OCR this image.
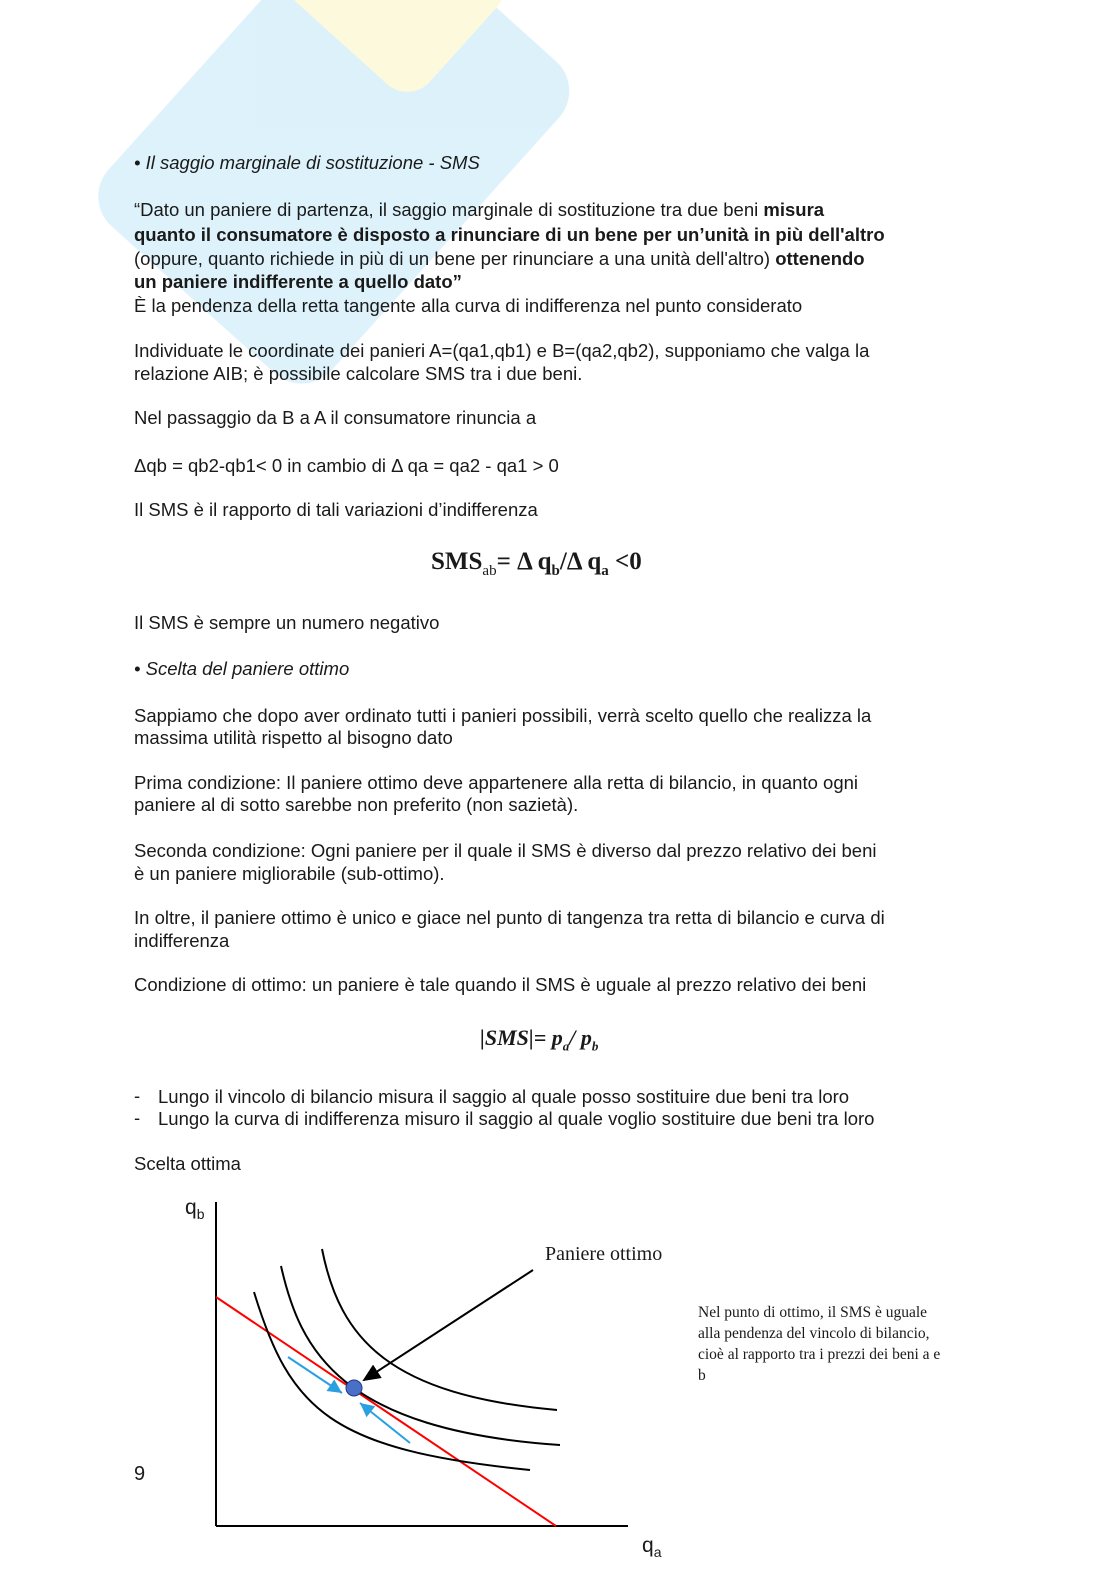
• Il saggio marginale di sostituzione - SMS
“Dato un paniere di partenza, il saggio marginale di sostituzione tra due beni misura
quanto il consumatore è disposto a rinunciare di un bene per un’unità in più dell'altro
(oppure, quanto richiede in più di un bene per rinunciare a una unità dell'altro) ottenendo
un paniere indifferente a quello dato”
È la pendenza della retta tangente alla curva di indifferenza nel punto considerato
Individuate le coordinate dei panieri A=(qa1,qb1) e B=(qa2,qb2), supponiamo che valga la
relazione AIB; è possibile calcolare SMS tra i due beni.
Nel passaggio da B a A il consumatore rinuncia a
Δqb = qb2-qb1< 0 in cambio di Δ qa = qa2 - qa1 > 0
Il SMS è il rapporto di tali variazioni d’indifferenza
$SMS_{ab}= \Delta$ $q_b/\Delta$ $q_a <0$
Il SMS è sempre un numero negativo
• Scelta del paniere ottimo
Sappiamo che dopo aver ordinato tutti i panieri possibili, verrà scelto quello che realizza la
massima utilità rispetto al bisogno dato
Prima condizione: Il paniere ottimo deve appartenere alla retta di bilancio, in quanto ogni
paniere al di sotto sarebbe non preferito (non sazietà).
Seconda condizione: Ogni paniere per il quale il SMS è diverso dal prezzo relativo dei beni
è un paniere migliorabile (sub-ottimo).
In oltre, il paniere ottimo è unico e giace nel punto di tangenza tra retta di bilancio e curva di
indifferenza
Condizione di ottimo: un paniere è tale quando il SMS è uguale al prezzo relativo dei beni
$|SMS|= p_a/$ $p_b$
- Lungo il vincolo di bilancio misura il saggio al quale posso sostituire due beni tra loro
- Lungo la curva di indifferenza misuro il saggio al quale voglio sostituire due beni tra loro
Scelta ottima
$q_b$
$q_a$
Paniere ottimo
Nel punto di ottimo, il SMS è uguale alla pendenza del vincolo di bilancio, cioè al rapporto tra i prezzi dei beni a e b
9
